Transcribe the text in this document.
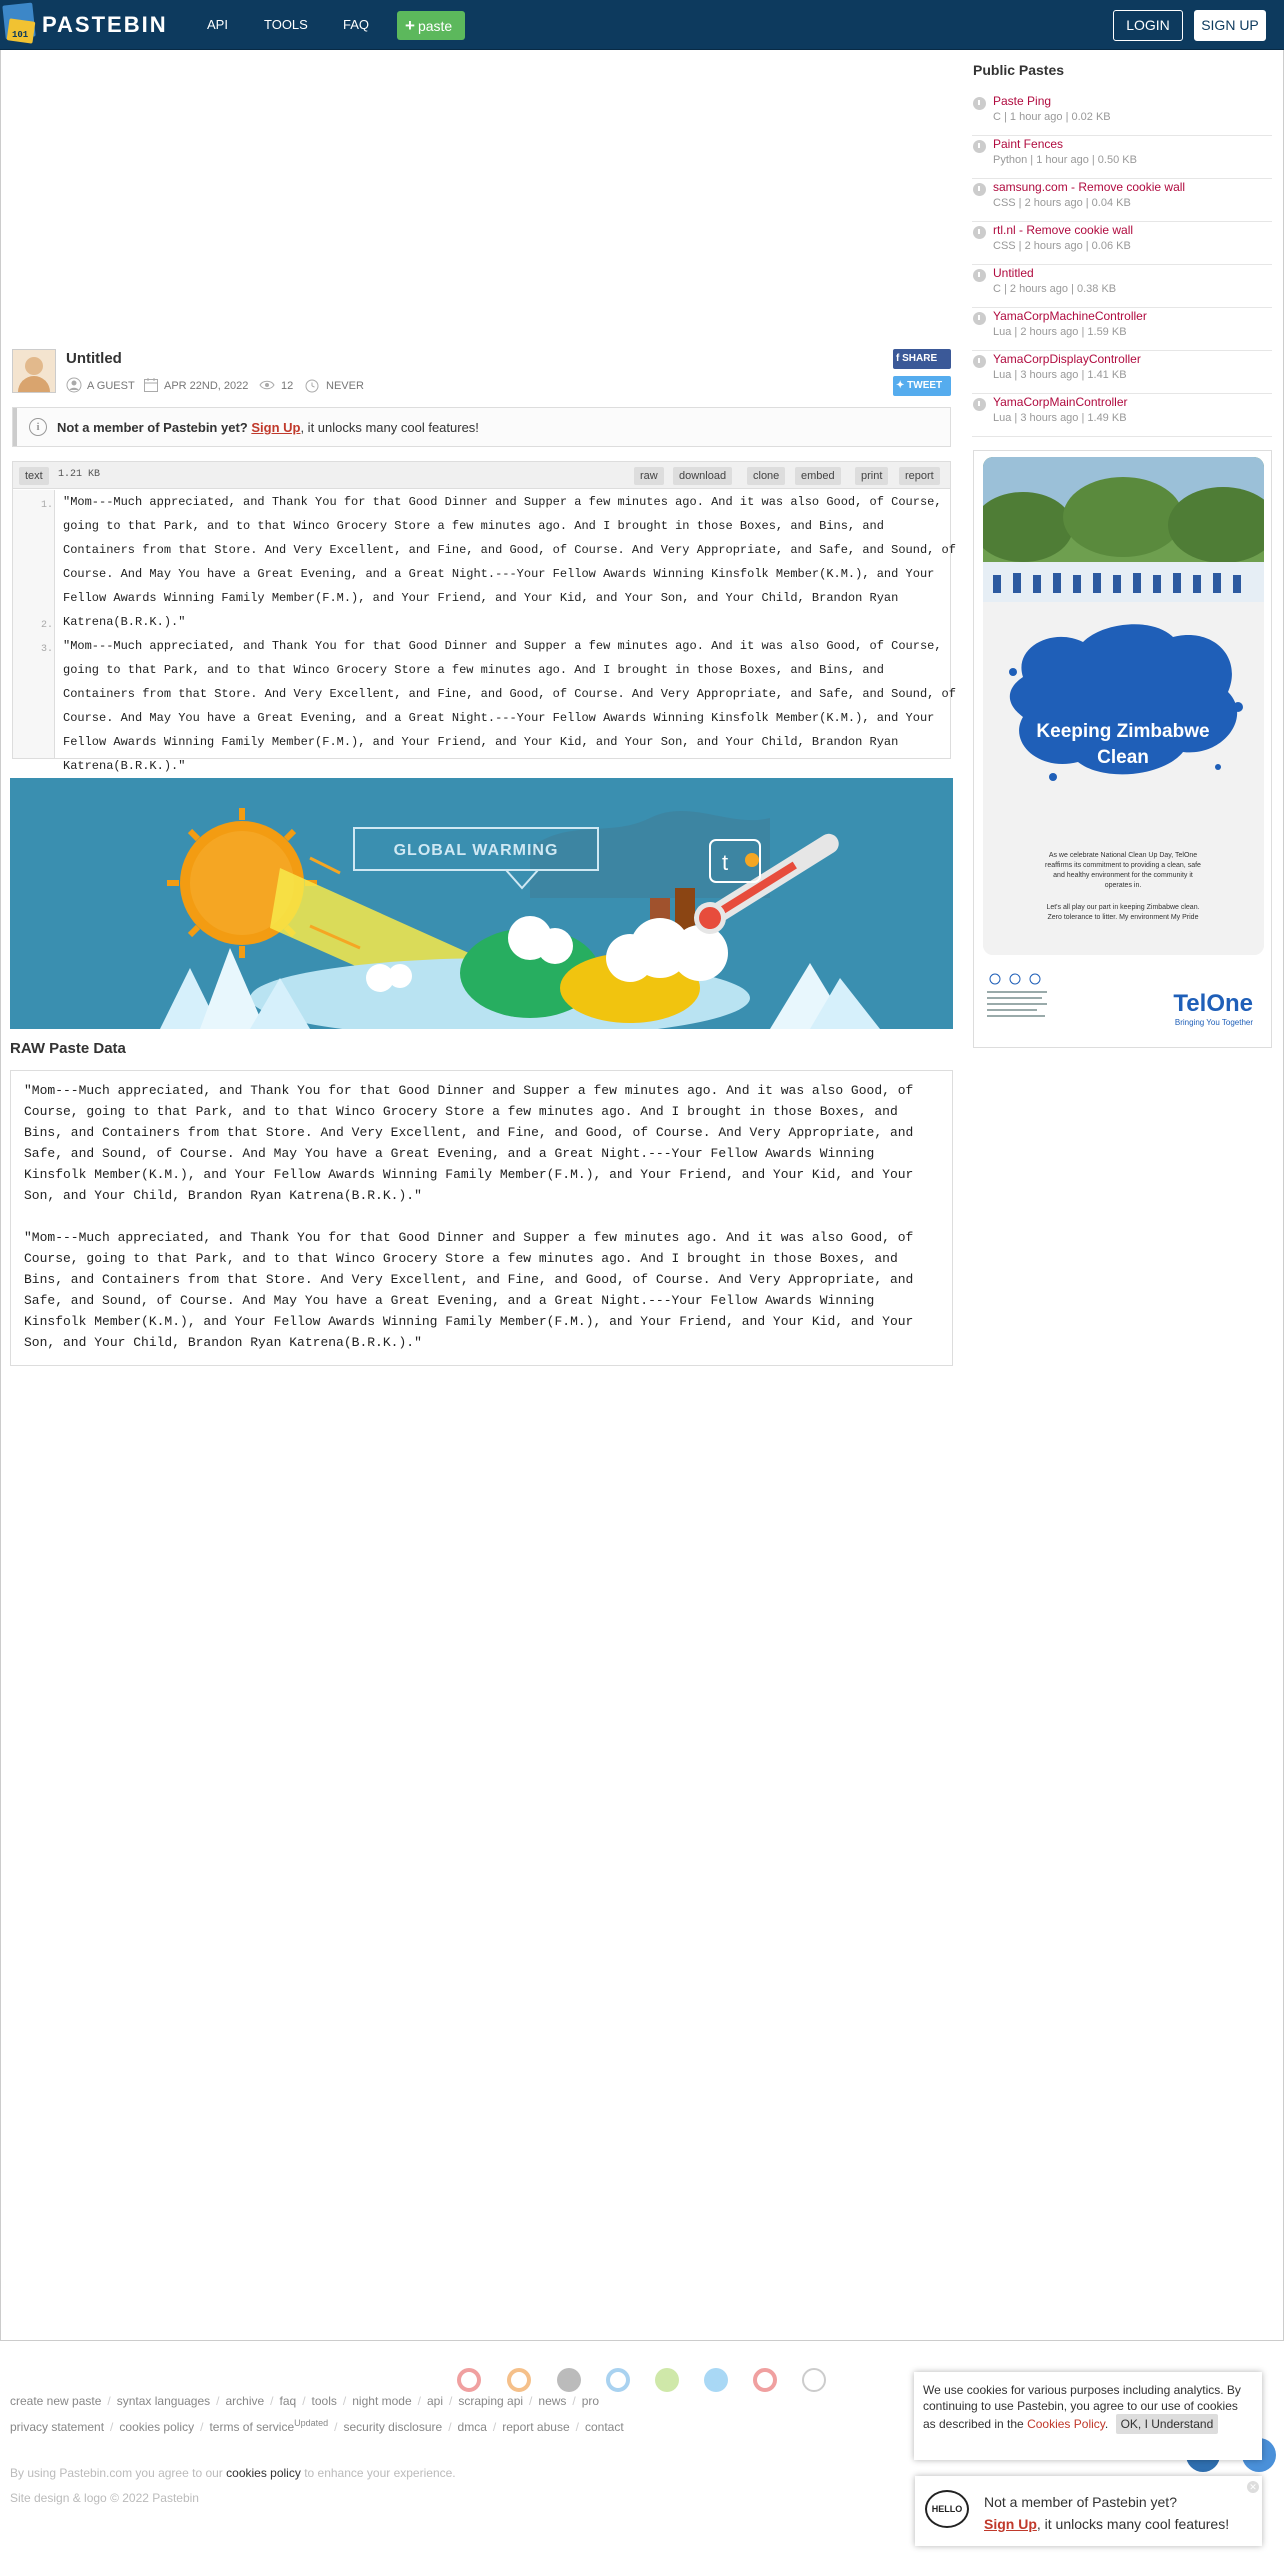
101 PASTEBIN	API	TOOLS	FAQ	+ paste	LOGIN	SIGN UP
Untitled
A GUEST	APR 22ND, 2022	12	NEVER
f SHARE
✦ TWEET
i	Not a member of Pastebin yet? Sign Up, it unlocks many cool features!
text	1.21 KB	raw	download	clone	embed	print	report
1.
2.
3.
"Mom---Much appreciated, and Thank You for that Good Dinner and Supper a few minutes ago. And it was also Good, of Course, going to that Park, and to that Winco Grocery Store a few minutes ago. And I brought in those Boxes, and Bins, and Containers from that Store. And Very Excellent, and Fine, and Good, of Course. And Very Appropriate, and Safe, and Sound, of Course. And May You have a Great Evening, and a Great Night.---Your Fellow Awards Winning Kinsfolk Member(K.M.), and Your Fellow Awards Winning Family Member(F.M.), and Your Friend, and Your Kid, and Your Son, and Your Child, Brandon Ryan Katrena(B.R.K.)."
"Mom---Much appreciated, and Thank You for that Good Dinner and Supper a few minutes ago. And it was also Good, of Course, going to that Park, and to that Winco Grocery Store a few minutes ago. And I brought in those Boxes, and Bins, and Containers from that Store. And Very Excellent, and Fine, and Good, of Course. And Very Appropriate, and Safe, and Sound, of Course. And May You have a Great Evening, and a Great Night.---Your Fellow Awards Winning Kinsfolk Member(K.M.), and Your Fellow Awards Winning Family Member(F.M.), and Your Friend, and Your Kid, and Your Son, and Your Child, Brandon Ryan Katrena(B.R.K.)."
GLOBAL WARMING	t
RAW Paste Data

"Mom---Much appreciated, and Thank You for that Good Dinner and Supper a few minutes ago. And it was also Good, of Course, going to that Park, and to that Winco Grocery Store a few minutes ago. And I brought in those Boxes, and Bins, and Containers from that Store. And Very Excellent, and Fine, and Good, of Course. And Very Appropriate, and Safe, and Sound, of Course. And May You have a Great Evening, and a Great Night.---Your Fellow Awards Winning Kinsfolk Member(K.M.), and Your Fellow Awards Winning Family Member(F.M.), and Your Friend, and Your Kid, and Your Son, and Your Child, Brandon Ryan Katrena(B.R.K.)."

"Mom---Much appreciated, and Thank You for that Good Dinner and Supper a few minutes ago. And it was also Good, of Course, going to that Park, and to that Winco Grocery Store a few minutes ago. And I brought in those Boxes, and Bins, and Containers from that Store. And Very Excellent, and Fine, and Good, of Course. And Very Appropriate, and Safe, and Sound, of Course. And May You have a Great Evening, and a Great Night.---Your Fellow Awards Winning Kinsfolk Member(K.M.), and Your Fellow Awards Winning Family Member(F.M.), and Your Friend, and Your Kid, and Your Son, and Your Child, Brandon Ryan Katrena(B.R.K.)."

Public Pastes
Paste Ping
C | 1 hour ago | 0.02 KB
Paint Fences
Python | 1 hour ago | 0.50 KB
samsung.com - Remove cookie wall
CSS | 2 hours ago | 0.04 KB
rtl.nl - Remove cookie wall
CSS | 2 hours ago | 0.06 KB
Untitled
C | 2 hours ago | 0.38 KB
YamaCorpMachineController
Lua | 2 hours ago | 1.59 KB
YamaCorpDisplayController
Lua | 3 hours ago | 1.41 KB
YamaCorpMainController
Lua | 3 hours ago | 1.49 KB
Keeping Zimbabwe
Clean
As we celebrate National Clean Up Day, TelOne
reaffirms its commitment to providing a clean, safe
and healthy environment for the community it
operates in.
Let's all play our part in keeping Zimbabwe clean.
Zero tolerance to litter. My environment My Pride
TelOne
Bringing You Together
create new paste / syntax languages / archive / faq / tools / night mode / api / scraping api / news / pro
privacy statement / cookies policy / terms of service$^{Updated}$ / security disclosure / dmca / report abuse / contact
By using Pastebin.com you agree to our cookies policy to enhance your experience.
Site design & logo © 2022 Pastebin
We use cookies for various purposes including analytics. By continuing to use Pastebin, you agree to our use of cookies as described in the Cookies Policy. OK, I Understand
HELLO	Not a member of Pastebin yet?
Sign Up, it unlocks many cool features!
✕
